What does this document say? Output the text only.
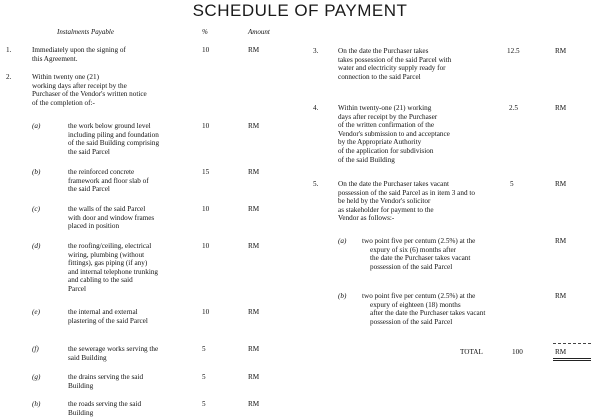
SCHEDULE OF PAYMENT
Instalments Payable	%	Amount
1.	Immediately upon the signing of
this Agreement.
10	RM
2.	Within twenty one (21)
working days after receipt by the
Purchaser of the Vendor's written notice
of the completion of:-
(a)	the work below ground level
including piling and foundation
of the said Building comprising
the said Parcel
10	RM
(b)	the reinforced concrete
framework and floor slab of
the said Parcel
15	RM
(c)	the walls of the said Parcel
with door and window frames
placed in position
10	RM
(d)	the roofing/ceiling, electrical
wiring, plumbing (without
fittings), gas piping (if any)
and internal telephone trunking
and cabling to the said
Parcel
10	RM
(e)	the internal and external
plastering of the said Parcel
10	RM
(f)	the sewerage works serving the
said Building
5	RM
(g)	the drains serving the said
Building
5	RM
(h)	the roads serving the said
Building
5	RM
3.	On the date the Purchaser takes
takes possession of the said Parcel with
water and electricity supply ready for
connection to the said Parcel
12.5	RM
4.	Within twenty-one (21) working
days after receipt by the Purchaser
of the written confirmation of the
Vendor's submission to and acceptance
by the Appropriate Authority
of the application for subdivision
of the said Building
2.5	RM
5.	On the date the Purchaser takes vacant
possession of the said Parcel as in item 3 and to
be held by the Vendor's solicitor
as stakeholder for payment to the
Vendor as follows:-
5	RM
(a) two point five per centum (2.5%) at the
expury of six (6) months after
the date the Purchaser takes vacant
possession of the said Parcel
RM
(b) two point five per centum (2.5%) at the
expury of eighteen (18) months
after the date the Purchaser takes vacant
possession of the said Parcel
RM
TOTAL	100	RM
